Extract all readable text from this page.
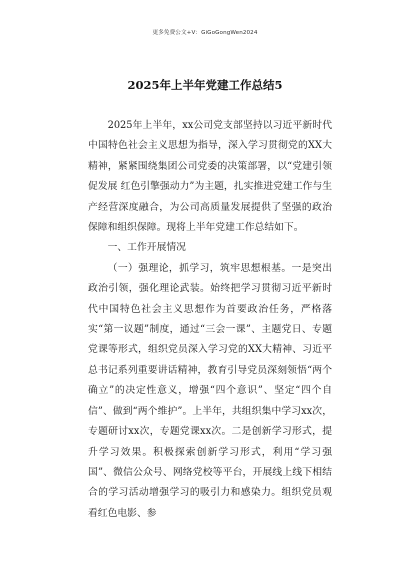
更多免费公文+V：GiGoGongWen2024
2025年上半年党建工作总结5

2025年上半年，xx公司党支部坚持以习近平新时代中国特色社会主义思想为指导，深入学习贯彻党的XX大精神，紧紧围绕集团公司党委的决策部署，以“党建引领促发展 红色引擎强动力”为主题，扎实推进党建工作与生产经营深度融合，为公司高质量发展提供了坚强的政治保障和组织保障。现将上半年党建工作总结如下。

一、工作开展情况

（一）强理论，抓学习，筑牢思想根基。一是突出政治引领，强化理论武装。始终把学习贯彻习近平新时代中国特色社会主义思想作为首要政治任务，严格落实“第一议题”制度，通过“三会一课”、主题党日、专题党课等形式，组织党员深入学习党的XX大精神、习近平总书记系列重要讲话精神，教育引导党员深刻领悟“两个确立”的决定性意义，增强“四个意识”、坚定“四个自信”、做到“两个维护”。上半年，共组织集中学习xx次，专题研讨xx次，专题党课xx次。二是创新学习形式，提升学习效果。积极探索创新学习形式，利用“学习强国”、微信公众号、网络党校等平台，开展线上线下相结合的学习活动增强学习的吸引力和感染力。组织党员观看红色电影、参
